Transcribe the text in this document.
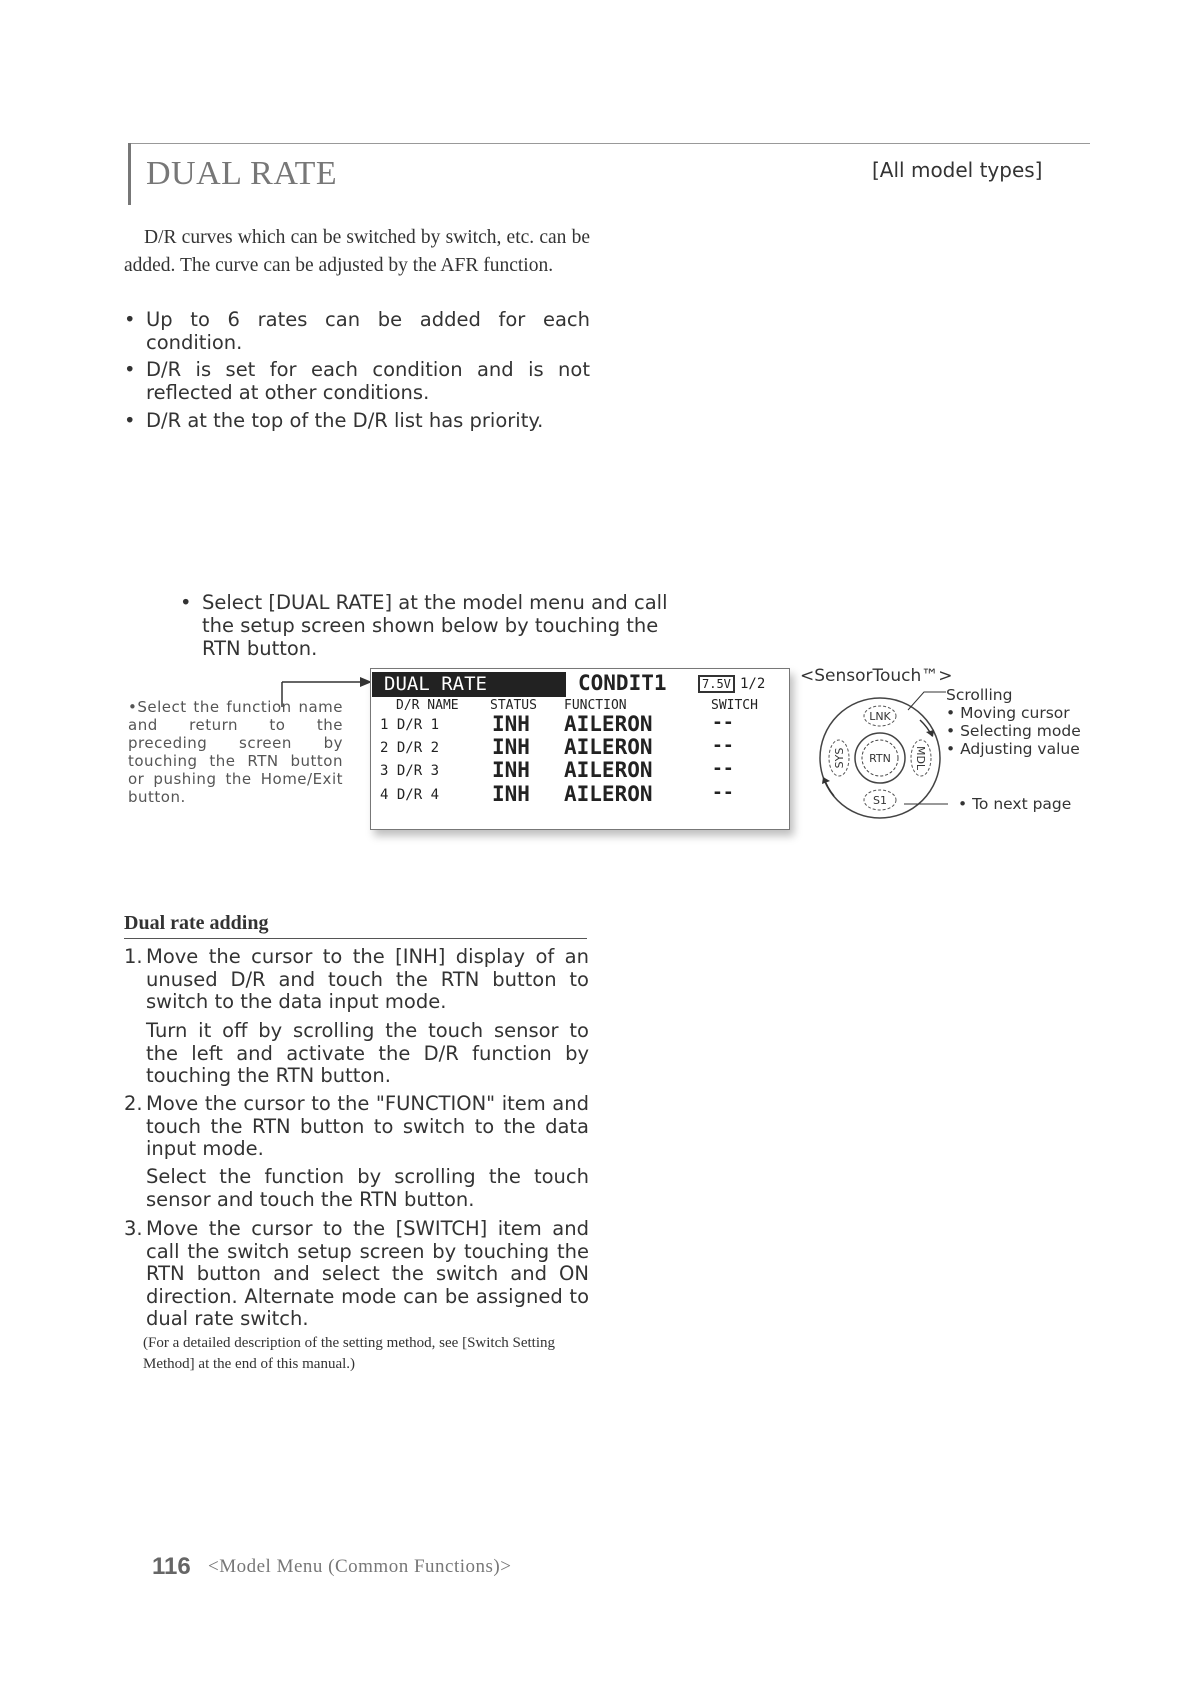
DUAL RATE	[All model types]
D/R curves which can be switched by switch, etc. can be added. The curve can be adjusted by the AFR function.
• Up to 6 rates can be added for each condition.
• D/R is set for each condition and is not reflected at other conditions.
• D/R at the top of the D/R list has priority.
• Select [DUAL RATE] at the model menu and call the setup screen shown below by touching the RTN button.
•Select the function name and return to the preceding screen by touching the RTN button or pushing the Home/Exit button.
DUAL RATE	CONDIT1	7.5V 1/2
D/R NAME STATUS FUNCTION	SWITCH
1 D/R 1	INH AILERON	--
2 D/R 2	INH AILERON	--
3 D/R 3	INH AILERON	--
4 D/R 4	INH AILERON	--
<SensorTouch™>
LNK
S1
RTN
SYS	MDL
Scrolling
• Moving cursor
• Selecting mode
• Adjusting value
• To next page
Dual rate adding
1. Move the cursor to the [INH] display of an unused D/R and touch the RTN button to switch to the data input mode.
Turn it off by scrolling the touch sensor to the left and activate the D/R function by touching the RTN button.
2. Move the cursor to the "FUNCTION" item and touch the RTN button to switch to the data input mode.
Select the function by scrolling the touch sensor and touch the RTN button.
3. Move the cursor to the [SWITCH] item and call the switch setup screen by touching the RTN button and select the switch and ON direction. Alternate mode can be assigned to dual rate switch.
(For a detailed description of the setting method, see [Switch Setting Method] at the end of this manual.)
116 <Model Menu (Common Functions)>
